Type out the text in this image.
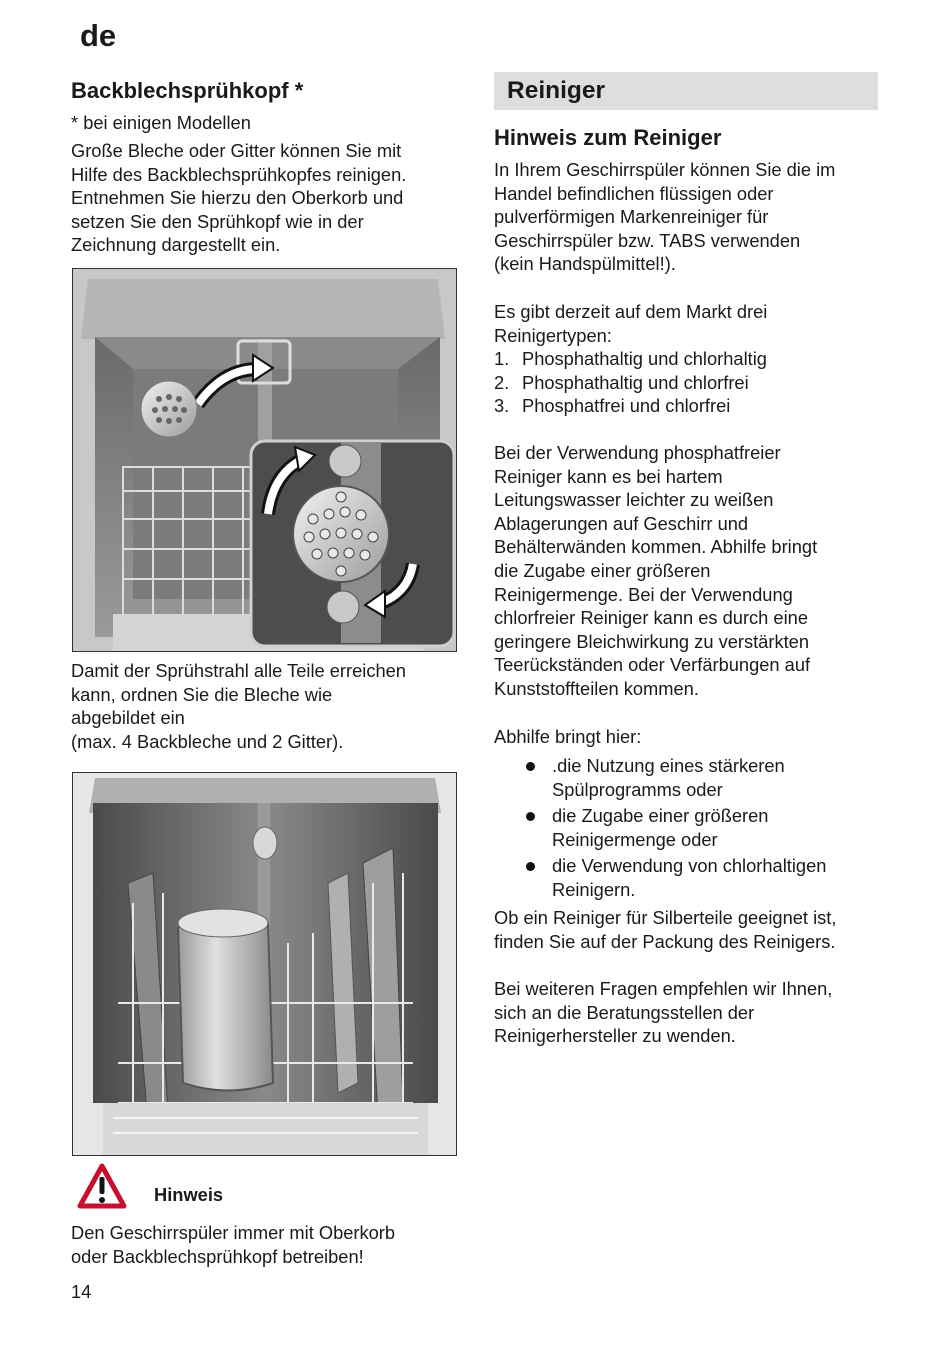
de
Backblechsprühkopf *

* bei einigen Modellen

Große Bleche oder Gitter können Sie mit

Hilfe des Backblechsprühkopfes reinigen.

Entnehmen Sie hierzu den Oberkorb und

setzen Sie den Sprühkopf wie in der

Zeichnung dargestellt ein.

Damit der Sprühstrahl alle Teile erreichen

kann, ordnen Sie die Bleche wie

abgebildet ein

(max. 4 Backbleche und 2 Gitter).

Hinweis

Den Geschirrspüler immer mit Oberkorb

oder Backblechsprühkopf betreiben!

14
Reiniger
Hinweis zum Reiniger

In Ihrem Geschirrspüler können Sie die im

Handel befindlichen flüssigen oder

pulverförmigen Markenreiniger für

Geschirrspüler bzw. TABS verwenden

(kein Handspülmittel!).

Es gibt derzeit auf dem Markt drei

Reinigertypen:

1. Phosphathaltig und chlorhaltig
2. Phosphathaltig und chlorfrei
3. Phosphatfrei und chlorfrei

Bei der Verwendung phosphatfreier

Reiniger kann es bei hartem

Leitungswasser leichter zu weißen

Ablagerungen auf Geschirr und

Behälterwänden kommen. Abhilfe bringt

die Zugabe einer größeren

Reinigermenge. Bei der Verwendung

chlorfreier Reiniger kann es durch eine

geringere Bleichwirkung zu verstärkten

Teerückständen oder Verfärbungen auf

Kunststoffteilen kommen.

Abhilfe bringt hier:

.die Nutzung eines stärkeren
Spülprogramms oder
die Zugabe einer größeren
Reinigermenge oder
die Verwendung von chlorhaltigen
Reinigern.

Ob ein Reiniger für Silberteile geeignet ist,

finden Sie auf der Packung des Reinigers.

Bei weiteren Fragen empfehlen wir Ihnen,

sich an die Beratungsstellen der

Reinigerhersteller zu wenden.
